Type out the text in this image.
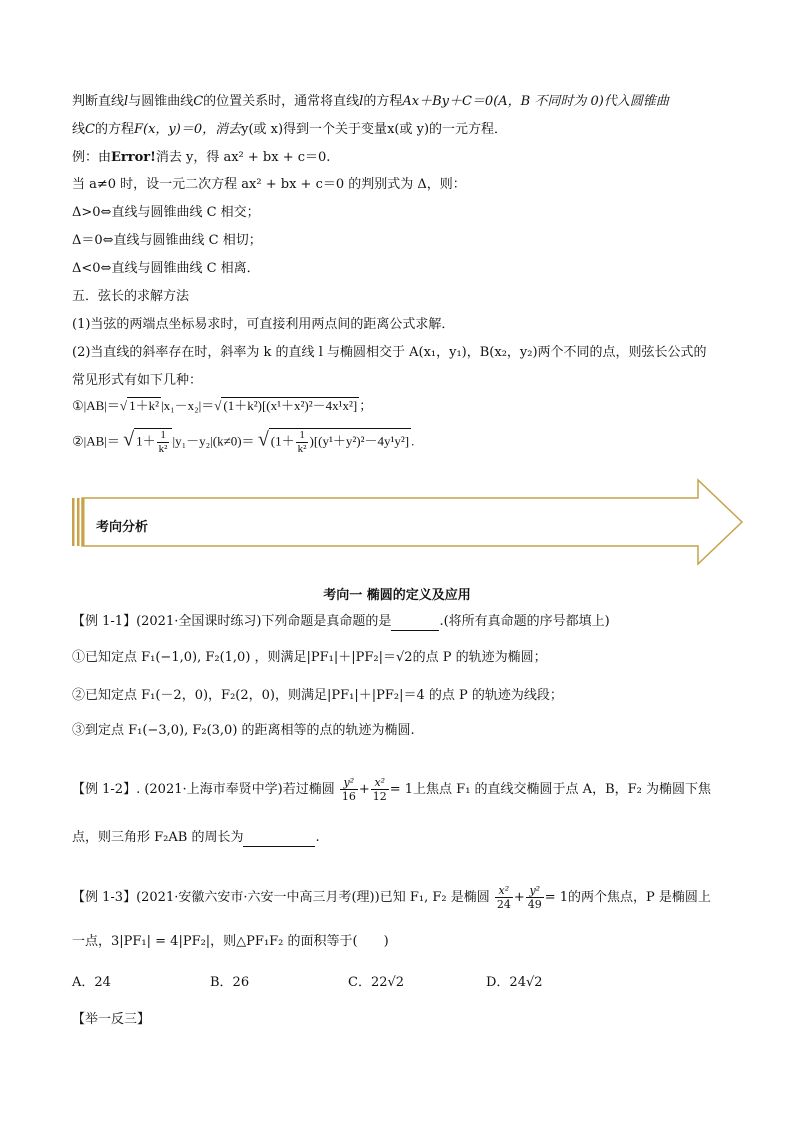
判断直线l与圆锥曲线C的位置关系时，通常将直线l的方程Ax＋By＋C＝0(A，B 不同时为 0)代入圆锥曲
线C的方程F(x，y)＝0，消去y(或 x)得到一个关于变量x(或 y)的一元方程．
例：由Error!消去 y，得 ax² + bx + c＝0.
当 a≠0 时，设一元二次方程 ax² + bx + c＝0 的判别式为 Δ，则：
Δ>0⇔直线与圆锥曲线 C 相交；
Δ＝0⇔直线与圆锥曲线 C 相切；
Δ<0⇔直线与圆锥曲线 C 相离．
五．弦长的求解方法
(1)当弦的两端点坐标易求时，可直接利用两点间的距离公式求解．
(2)当直线的斜率存在时，斜率为 k 的直线 l 与椭圆相交于 A(x₁，y₁)，B(x₂，y₂)两个不同的点，则弦长公式的
常见形式有如下几种：
①|AB|＝√ 1＋k² |x₁－x₂|＝√ (1＋k²)[(x¹＋x²)²－4x¹x²] ；
②|AB|＝ √ $1+ \frac{1}{\text{k²}} |y_1-y_2|(k\ne 0)=$ √ $(1+ \frac{1}{\text{k²}} )[(y^1+y^2)^2-4y^1y^2]$ .
考向分析
考向一 椭圆的定义及应用
【例 1-1】(2021·全国课时练习)下列命题是真命题的是	.(将所有真命题的序号都填上)
①已知定点 F₁(−1,0), F₂(1,0) ，则满足|PF₁|＋|PF₂|＝√2的点 P 的轨迹为椭圆；
②已知定点 F₁(－2，0)，F₂(2，0)，则满足|PF₁|＋|PF₂|＝4 的点 P 的轨迹为线段；
③到定点 F₁(−3,0), F₂(3,0) 的距离相等的点的轨迹为椭圆.
【例 1-2】. (2021·上海市奉贤中学)若过椭圆 $\frac{\text{y²}}{16} + \frac{\text{x²}}{12} = 1$上焦点 F₁ 的直线交椭圆于点 A，B，F₂ 为椭圆下焦
点，则三角形 F₂AB 的周长为	.
【例 1-3】(2021·安徽六安市·六安一中高三月考(理))已知 F₁, F₂ 是椭圆 $\frac{\text{x²}}{24} + \frac{\text{y²}}{49} = 1$的两个焦点，P 是椭圆上
一点，3|PF₁| = 4|PF₂|，则△PF₁F₂ 的面积等于(　　)
A．24	B．26	C．22√2	D．24√2
【举一反三】
